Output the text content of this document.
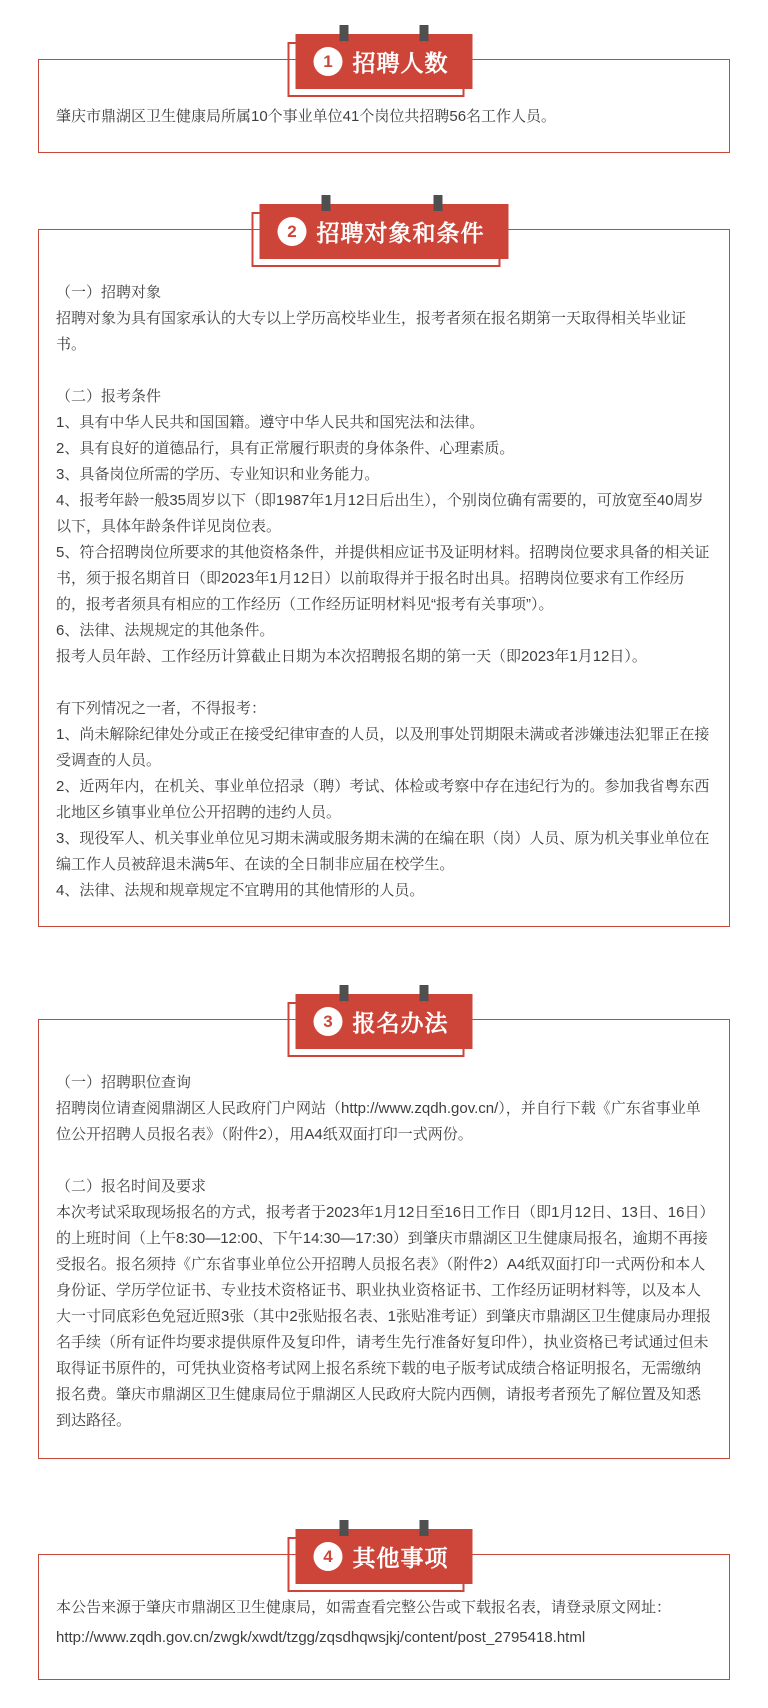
1 招聘人数

肇庆市鼎湖区卫生健康局所属10个事业单位41个岗位共招聘56名工作人员。

2 招聘对象和条件

（一）招聘对象

招聘对象为具有国家承认的大专以上学历高校毕业生，报考者须在报名期第一天取得相关毕业证书。

（二）报考条件

1、具有中华人民共和国国籍。遵守中华人民共和国宪法和法律。

2、具有良好的道德品行，具有正常履行职责的身体条件、心理素质。

3、具备岗位所需的学历、专业知识和业务能力。

4、报考年龄一般35周岁以下（即1987年1月12日后出生），个别岗位确有需要的，可放宽至40周岁以下，具体年龄条件详见岗位表。

5、符合招聘岗位所要求的其他资格条件，并提供相应证书及证明材料。招聘岗位要求具备的相关证书，须于报名期首日（即2023年1月12日）以前取得并于报名时出具。招聘岗位要求有工作经历的，报考者须具有相应的工作经历（工作经历证明材料见“报考有关事项”）。

6、法律、法规规定的其他条件。

报考人员年龄、工作经历计算截止日期为本次招聘报名期的第一天（即2023年1月12日）。

有下列情况之一者，不得报考：

1、尚未解除纪律处分或正在接受纪律审查的人员，以及刑事处罚期限未满或者涉嫌违法犯罪正在接受调查的人员。

2、近两年内，在机关、事业单位招录（聘）考试、体检或考察中存在违纪行为的。参加我省粤东西北地区乡镇事业单位公开招聘的违约人员。

3、现役军人、机关事业单位见习期未满或服务期未满的在编在职（岗）人员、原为机关事业单位在编工作人员被辞退未满5年、在读的全日制非应届在校学生。

4、法律、法规和规章规定不宜聘用的其他情形的人员。

3 报名办法

（一）招聘职位查询

招聘岗位请查阅鼎湖区人民政府门户网站（http://www.zqdh.gov.cn/），并自行下载《广东省事业单位公开招聘人员报名表》（附件2），用A4纸双面打印一式两份。

（二）报名时间及要求

本次考试采取现场报名的方式，报考者于2023年1月12日至16日工作日（即1月12日、13日、16日）的上班时间（上午8:30—12:00、下午14:30—17:30）到肇庆市鼎湖区卫生健康局报名，逾期不再接受报名。报名须持《广东省事业单位公开招聘人员报名表》（附件2）A4纸双面打印一式两份和本人身份证、学历学位证书、专业技术资格证书、职业执业资格证书、工作经历证明材料等，以及本人大一寸同底彩色免冠近照3张（其中2张贴报名表、1张贴准考证）到肇庆市鼎湖区卫生健康局办理报名手续（所有证件均要求提供原件及复印件，请考生先行准备好复印件），执业资格已考试通过但未取得证书原件的，可凭执业资格考试网上报名系统下载的电子版考试成绩合格证明报名，无需缴纳报名费。肇庆市鼎湖区卫生健康局位于鼎湖区人民政府大院内西侧，请报考者预先了解位置及知悉到达路径。

4 其他事项

本公告来源于肇庆市鼎湖区卫生健康局，如需查看完整公告或下载报名表，请登录原文网址：

http://www.zqdh.gov.cn/zwgk/xwdt/tzgg/zqsdhqwsjkj/content/post_2795418.html
